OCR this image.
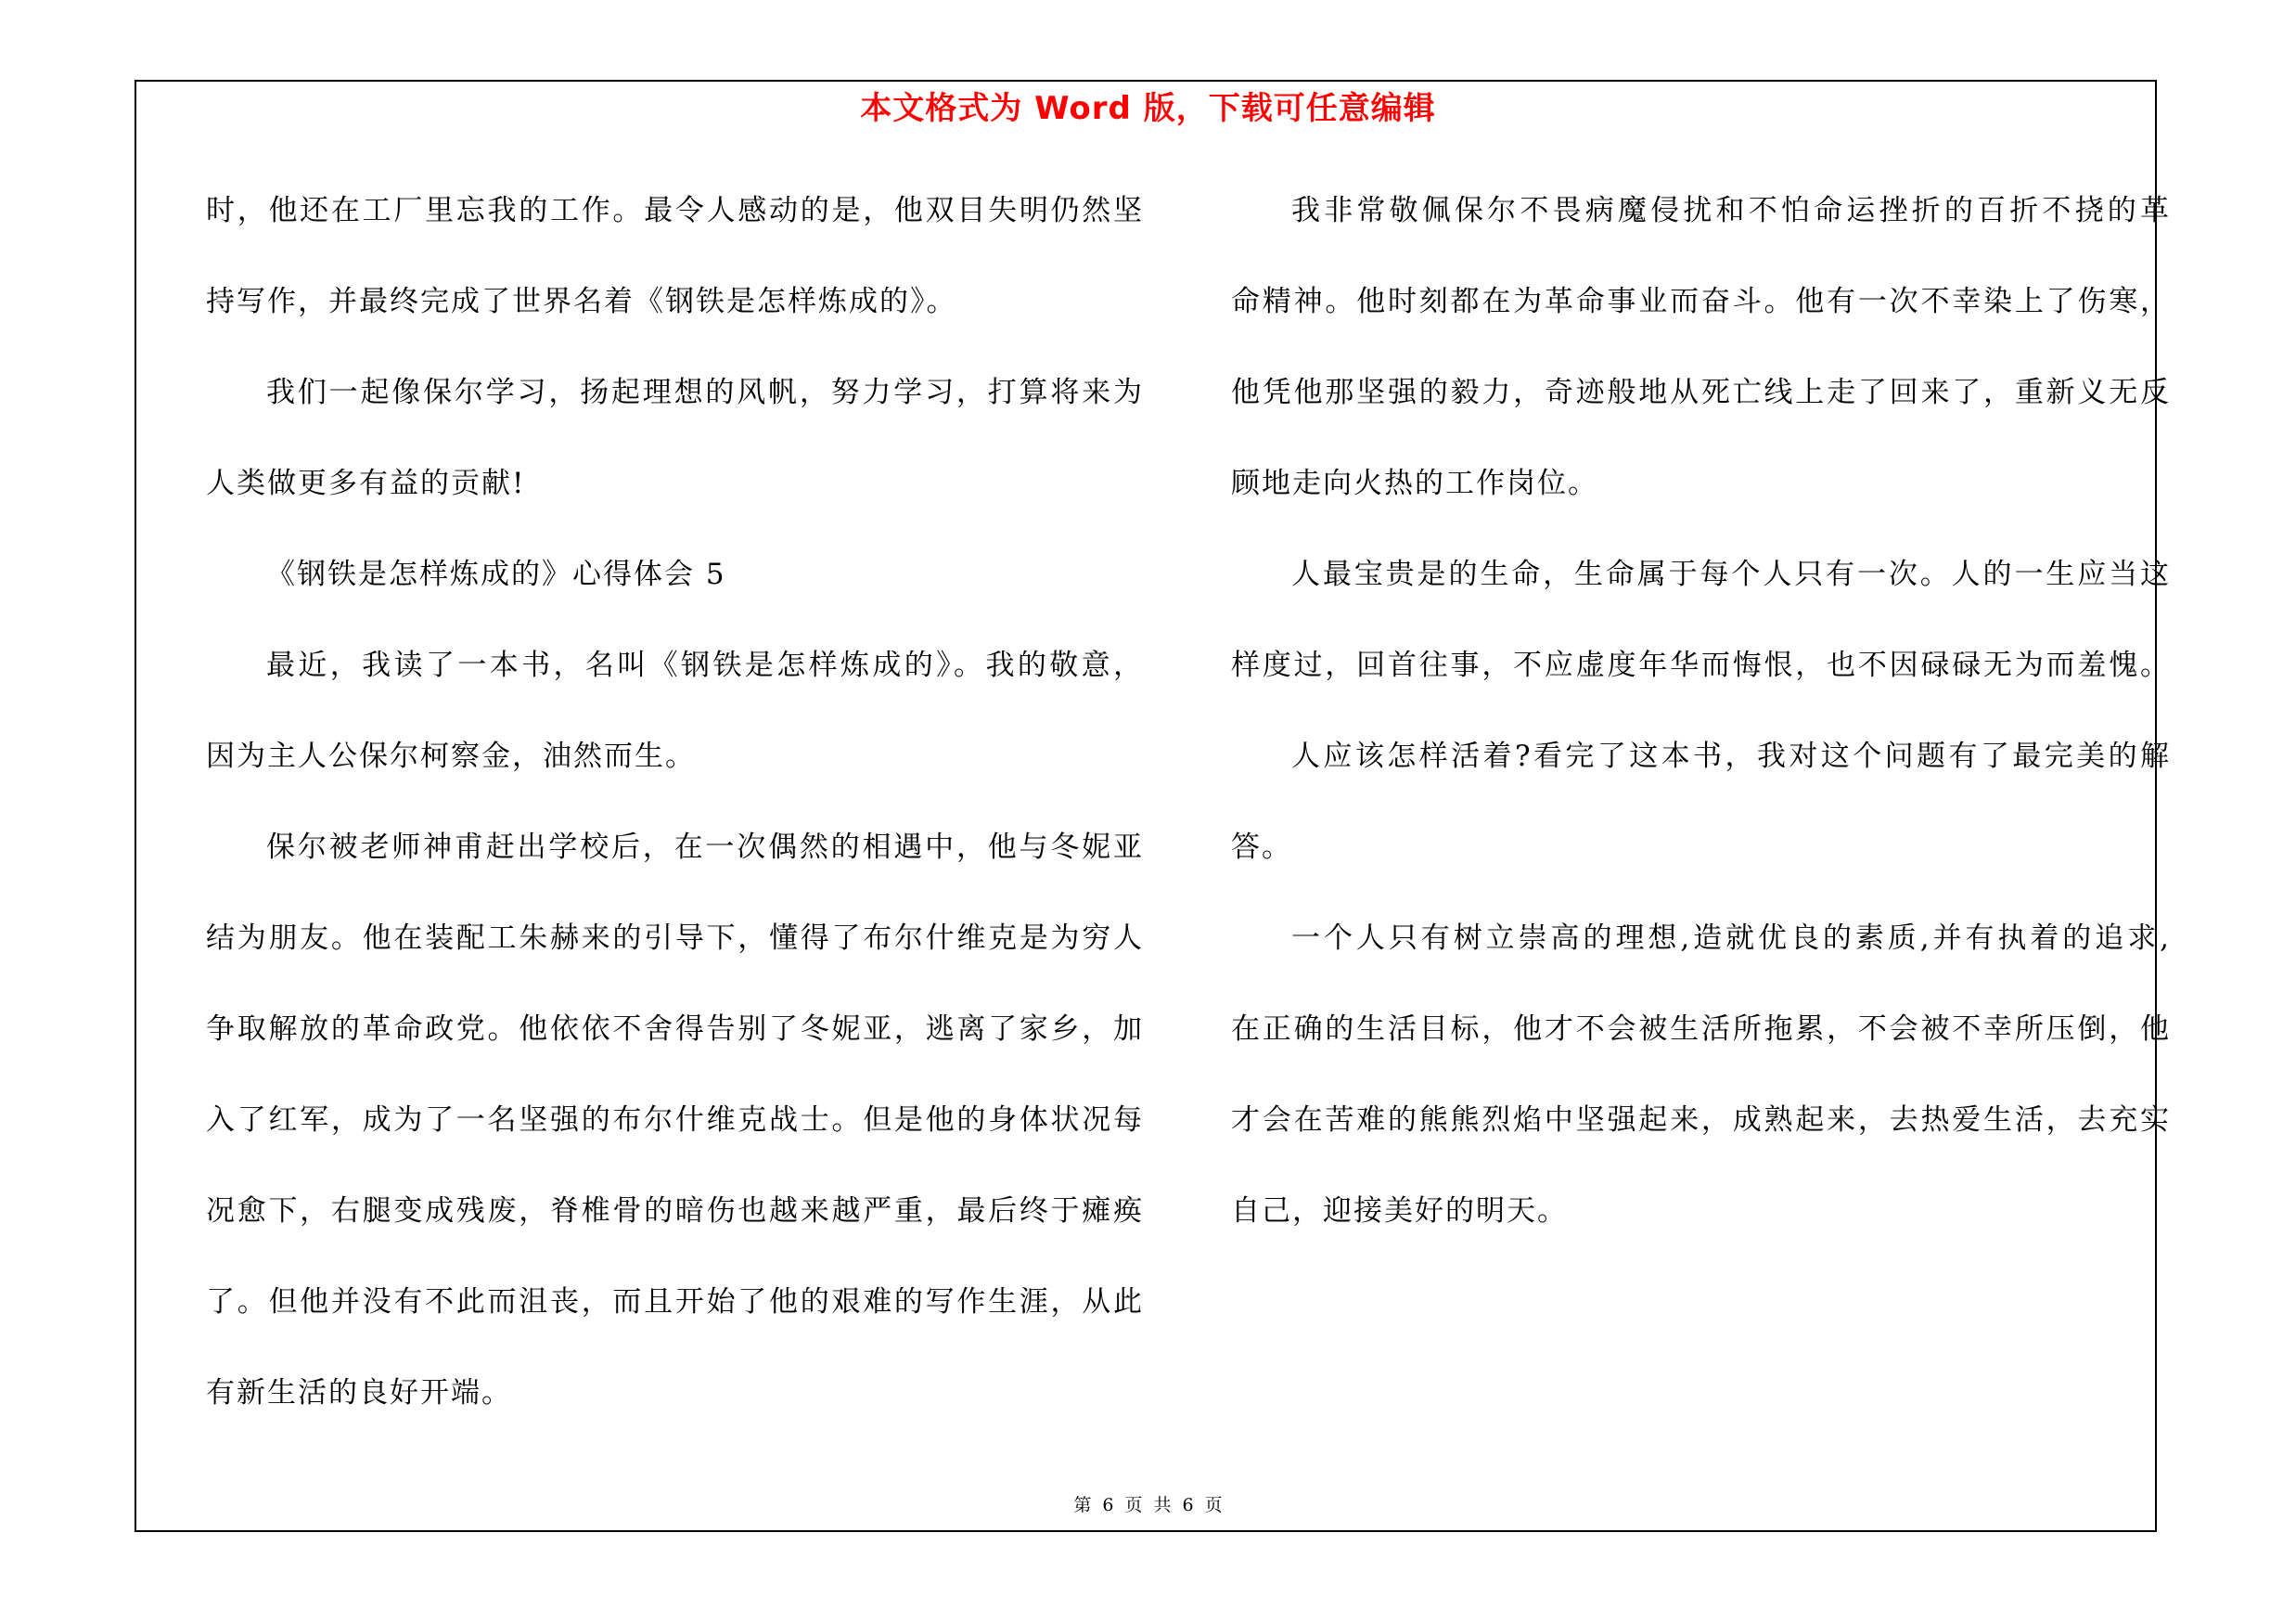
本文格式为 Word 版，下载可任意编辑
时，他还在工厂里忘我的工作。最令人感动的是，他双目失明仍然坚
持写作，并最终完成了世界名着《钢铁是怎样炼成的》。
我们一起像保尔学习，扬起理想的风帆，努力学习，打算将来为
人类做更多有益的贡献!
《钢铁是怎样炼成的》心得体会 5
最近，我读了一本书，名叫《钢铁是怎样炼成的》。我的敬意，
因为主人公保尔柯察金，油然而生。
保尔被老师神甫赶出学校后，在一次偶然的相遇中，他与冬妮亚
结为朋友。他在装配工朱赫来的引导下，懂得了布尔什维克是为穷人
争取解放的革命政党。他依依不舍得告别了冬妮亚，逃离了家乡，加
入了红军，成为了一名坚强的布尔什维克战士。但是他的身体状况每
况愈下，右腿变成残废，脊椎骨的暗伤也越来越严重，最后终于瘫痪
了。但他并没有不此而沮丧，而且开始了他的艰难的写作生涯，从此
有新生活的良好开端。
我非常敬佩保尔不畏病魔侵扰和不怕命运挫折的百折不挠的革
命精神。他时刻都在为革命事业而奋斗。他有一次不幸染上了伤寒，
他凭他那坚强的毅力，奇迹般地从死亡线上走了回来了，重新义无反
顾地走向火热的工作岗位。
人最宝贵是的生命，生命属于每个人只有一次。人的一生应当这
样度过，回首往事，不应虚度年华而悔恨，也不因碌碌无为而羞愧。
人应该怎样活着?看完了这本书，我对这个问题有了最完美的解
答。
一个人只有树立崇高的理想,造就优良的素质,并有执着的追求,
在正确的生活目标，他才不会被生活所拖累，不会被不幸所压倒，他
才会在苦难的熊熊烈焰中坚强起来，成熟起来，去热爱生活，去充实
自己，迎接美好的明天。
第 6 页 共 6 页
